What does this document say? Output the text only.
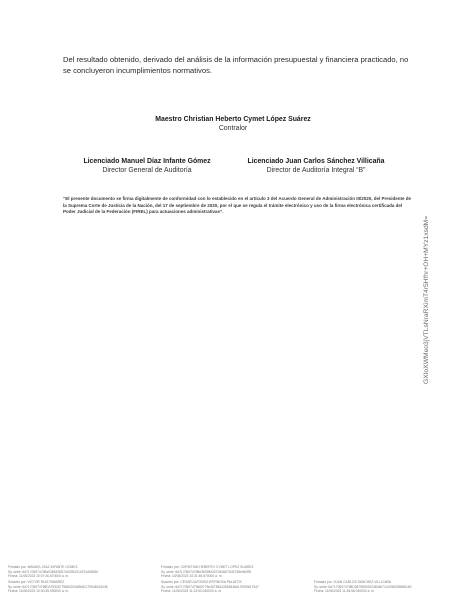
Del resultado obtenido, derivado del análisis de la información presupuestal y financiera practicado, no se concluyeron incumplimientos normativos.

Maestro Christian Heberto Cymet López Suárez
Contralor
Licenciado Manuel Díaz Infante Gómez
Director General de Auditoría
Licenciado Juan Carlos Sánchez Villicaña
Director de Auditoría Integral “B”

“El presente documento se firma digitalmente de conformidad con lo establecido en el artículo 3 del Acuerdo General de Administración III/2020, del Presidente de la Suprema Corte de Justicia de la Nación, del 17 de septiembre de 2020, por el que se regula el trámite electrónico y uso de la firma electrónica certificada del Poder Judicial de la Federación (FIREL) para actuaciones administrativas”.

GXIoXWMeo3jVTLsNraRXimT4r5Hfhr+OH+MYz1xsdM=
Firmado por: MANUEL DIAZ INFANTE GOMEZ
Sy. serie: 6d71705974798a0386326D7400951214974d09630
Fecha: 11/06/2023 10:07:46.670000 a. m.
Firmado por: CHRISTIAN HEBERTO CYMET LOPEZ SUAREZ
Sy. serie: 6d71705974798e38399d3270346D7640746e96399
Fecha: 10/06/2023 10:31:46.670000 a. m.
Suscrito por: VÍCTOR RUIZ RAMIREZ
Sy. serie: 6d71705974798D3793287798622D4d9h81179946014036
Fecha: 11/06/2023 10:30:35.490000 a. m.
Suscrito por: CÉSAR ALFONSO ESPINOSA PALAFOX
Sy. serie: 6d7170597479d83776e30786422854848d17990f617947
Fecha: 11/06/2023 11:13:53.040000 a. m.
Firmado por: JUAN CARLOS SANCHEZ VILLICAÑA
Sy. serie: 6d71705974798D38798933324834b712d756035696183
Fecha: 11/06/2023 11:46:56.040000 a. m.
